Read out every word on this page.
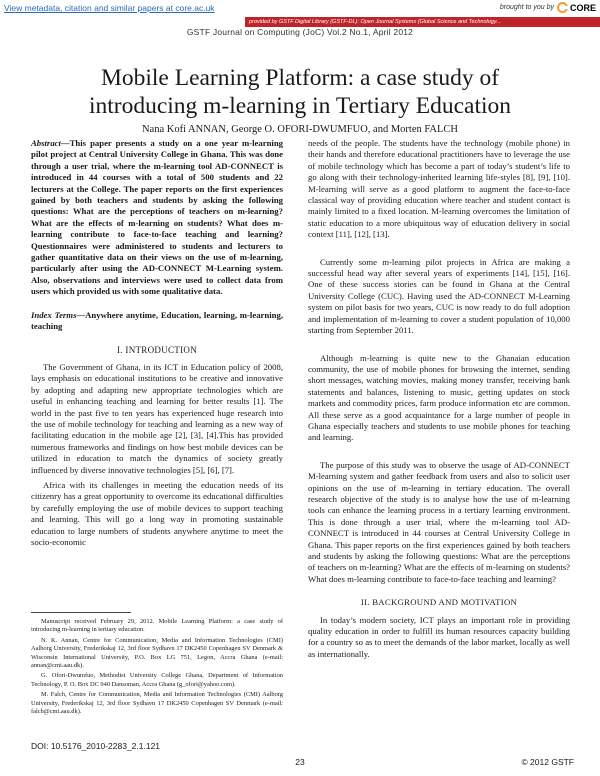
View metadata, citation and similar papers at core.ac.uk	brought to you by CORE
provided by GSTF Digital Library (GSTF-DL): Open Journal Systems (Global Science and Technology...
GSTF Journal on Computing (JoC) Vol.2 No.1, April 2012
Mobile Learning Platform: a case study of
introducing m-learning in Tertiary Education
Nana Kofi ANNAN, George O. OFORI-DWUMFUO, and Morten FALCH

Abstract—This paper presents a study on a one year m-learning pilot project at Central University College in Ghana. This was done through a user trial, where the m-learning tool AD-CONNECT is introduced in 44 courses with a total of 500 students and 22 lecturers at the College. The paper reports on the first experiences gained by both teachers and students by asking the following questions: What are the perceptions of teachers on m-learning? What are the effects of m-learning on students? What does m-learning contribute to face-to-face teaching and learning? Questionnaires were administered to students and lecturers to gather quantitative data on their views on the use of m-learning, particularly after using the AD-CONNECT M-Learning system. Also, observations and interviews were used to collect data from users which provided us with some qualitative data.

Index Terms—Anywhere anytime, Education, learning, m-learning, teaching

I. INTRODUCTION

The Government of Ghana, in its ICT in Education policy of 2008, lays emphasis on educational institutions to be creative and innovative by adopting and adapting new appropriate technologies which are useful in enhancing teaching and learning for better results [1]. The world in the past five to ten years has experienced huge research into the use of mobile technology for teaching and learning as a new way of facilitating education in the mobile age [2], [3], [4].This has provided numerous frameworks and findings on how best mobile devices can be utilized in education to match the dynamics of society greatly influenced by diverse innovative technologies [5], [6], [7].

Africa with its challenges in meeting the education needs of its citizenry has a great opportunity to overcome its educational difficulties by carefully employing the use of mobile devices to support teaching and learning. This will go a long way in promoting sustainable education to large numbers of students anywhere anytime to meet the socio-economic

Manuscript received February 29, 2012. Mobile Learning Platform: a case study of introducing m-learning in tertiary education.

N. K. Annan, Centre for Communication, Media and Information Technologies (CMI) Aalborg University, Frederikskaj 12, 3rd floor Sydhavn 17 DK2450 Copenhagen SV Denmark & Wisconsin International University, P.O. Box LG 751, Legon, Accra Ghana (e-mail: annan@cmi.aau.dk).

G. Ofori-Dwumfuo, Methodist University College Ghana, Department of Information Technology, P. O. Box DC 940 Dansoman, Accra Ghana (g_ofori@yahoo.com).

M. Falch, Centre for Communication, Media and Information Technologies (CMI) Aalborg University, Frederikskaj 12, 3rd floor Sydhavn 17 DK2450 Copenhagen SV Denmark (e-mail: falch@cmi.aau.dk).

needs of the people. The students have the technology (mobile phone) in their hands and therefore educational practitioners have to leverage the use of mobile technology which has become a part of today’s student’s life to go along with their technology-inherited learning life-styles [8], [9], [10]. M-learning will serve as a good platform to augment the face-to-face classical way of providing education where teacher and student contact is mainly limited to a fixed location. M-learning overcomes the limitation of static education to a more ubiquitous way of education delivery in social context [11], [12], [13].

Currently some m-learning pilot projects in Africa are making a successful head way after several years of experiments [14], [15], [16]. One of these success stories can be found in Ghana at the Central University College (CUC). Having used the AD-CONNECT M-Learning system on pilot basis for two years, CUC is now ready to do full adoption and implementation of m-learning to cover a student population of 10,000 starting from September 2011.

Although m-learning is quite new to the Ghanaian education community, the use of mobile phones for browsing the internet, sending short messages, watching movies, making money transfer, receiving bank statements and balances, listening to music, getting updates on stock markets and commodity prices, farm produce information etc are common. All these serve as a good acquaintance for a large number of people in Ghana especially teachers and students to use mobile phones for teaching and learning.

The purpose of this study was to observe the usage of AD-CONNECT M-learning system and gather feedback from users and also to solicit user opinions on the use of m-learning in tertiary education. The overall research objective of the study is to analyse how the use of m-learning tools can enhance the learning process in a tertiary learning environment. This is done through a user trial, where the m-learning tool AD-CONNECT is introduced in 44 courses at Central University College in Ghana. This paper reports on the first experiences gained by both teachers and students by asking the following questions: What are the perceptions of teachers on m-learning? What are the effects of m-learning on students? What does m-learning contribute to face-to-face teaching and learning?

II. BACKGROUND AND MOTIVATION

In today’s modern society, ICT plays an important role in providing quality education in order to fulfill its human resources capacity building for a country so as to meet the demands of the labor market, locally as well as internationally.

DOI: 10.5176_2010-2283_2.1.121
23	© 2012 GSTF
